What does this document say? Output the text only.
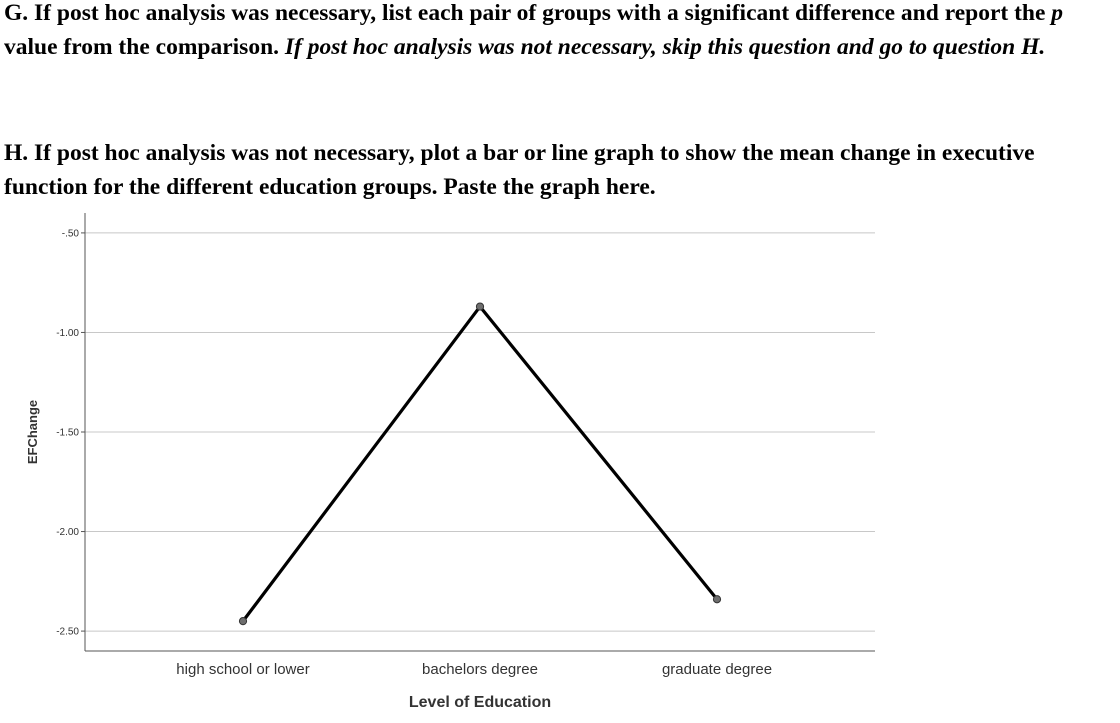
G. If post hoc analysis was necessary, list each pair of groups with a significant difference and report the p value from the comparison. If post hoc analysis was not necessary, skip this question and go to question H.

H. If post hoc analysis was not necessary, plot a bar or line graph to show the mean change in executive function for the different education groups. Paste the graph here.

-.50
-1.00
-1.50
-2.00
-2.50
high school or lower	bachelors degree	graduate degree
EFChange
Level of Education
